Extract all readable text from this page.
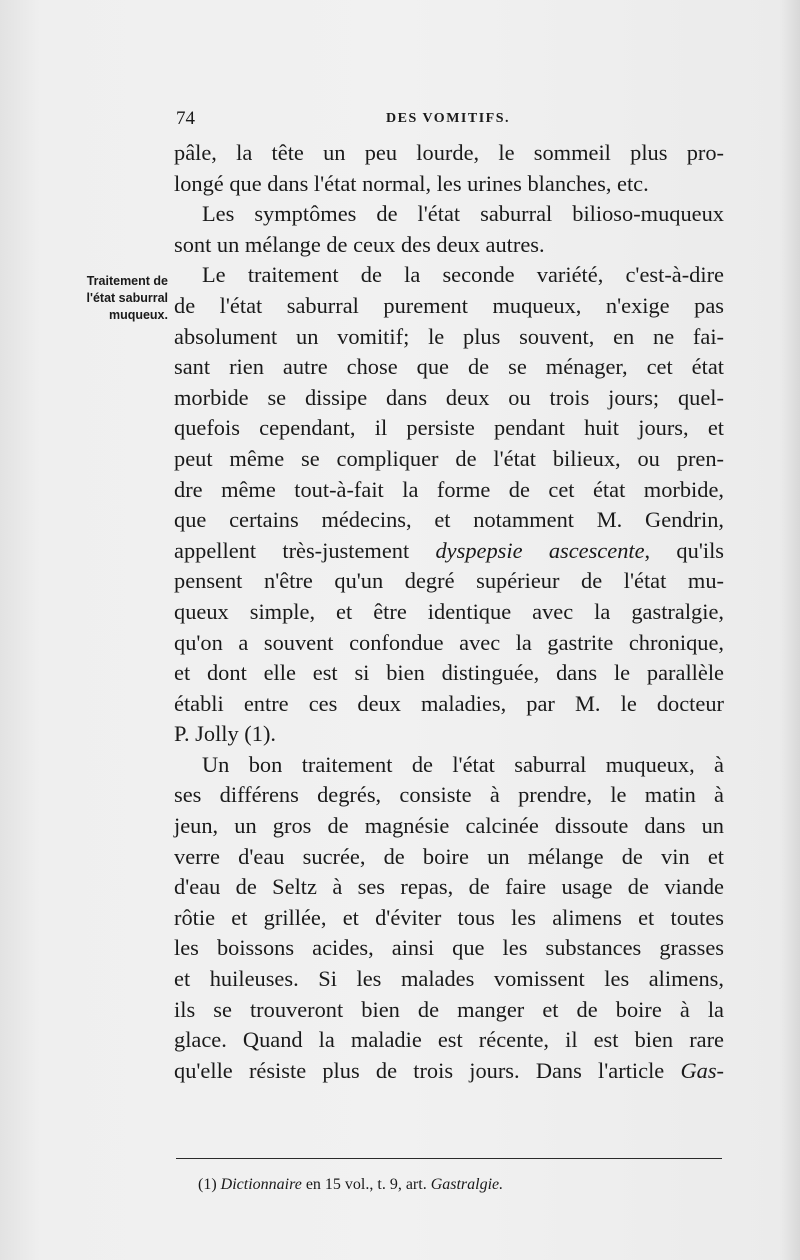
74	DES VOMITIFS.
Traitement de
l'état saburral
muqueux.
pâle, la tête un peu lourde, le sommeil plus pro-
longé que dans l'état normal, les urines blanches, etc.
Les symptômes de l'état saburral bilioso-muqueux
sont un mélange de ceux des deux autres.
Le traitement de la seconde variété, c'est-à-dire
de l'état saburral purement muqueux, n'exige pas
absolument un vomitif; le plus souvent, en ne fai-
sant rien autre chose que de se ménager, cet état
morbide se dissipe dans deux ou trois jours; quel-
quefois cependant, il persiste pendant huit jours, et
peut même se compliquer de l'état bilieux, ou pren-
dre même tout-à-fait la forme de cet état morbide,
que certains médecins, et notamment M. Gendrin,
appellent très-justement dyspepsie ascescente, qu'ils
pensent n'être qu'un degré supérieur de l'état mu-
queux simple, et être identique avec la gastralgie,
qu'on a souvent confondue avec la gastrite chronique,
et dont elle est si bien distinguée, dans le parallèle
établi entre ces deux maladies, par M. le docteur
P. Jolly (1).
Un bon traitement de l'état saburral muqueux, à
ses différens degrés, consiste à prendre, le matin à
jeun, un gros de magnésie calcinée dissoute dans un
verre d'eau sucrée, de boire un mélange de vin et
d'eau de Seltz à ses repas, de faire usage de viande
rôtie et grillée, et d'éviter tous les alimens et toutes
les boissons acides, ainsi que les substances grasses
et huileuses. Si les malades vomissent les alimens,
ils se trouveront bien de manger et de boire à la
glace. Quand la maladie est récente, il est bien rare
qu'elle résiste plus de trois jours. Dans l'article Gas-
(1) Dictionnaire en 15 vol., t. 9, art. Gastralgie.
